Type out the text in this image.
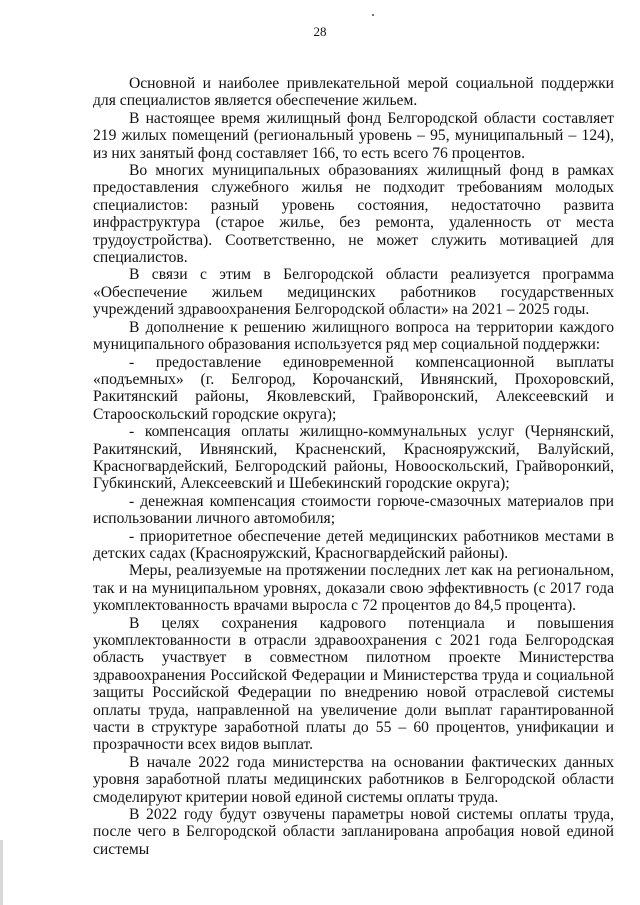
28

Основной и наиболее привлекательной мерой социальной поддержки для специалистов является обеспечение жильем.

В настоящее время жилищный фонд Белгородской области составляет 219 жилых помещений (региональный уровень – 95, муниципальный – 124), из них занятый фонд составляет 166, то есть всего 76 процентов.

Во многих муниципальных образованиях жилищный фонд в рамках предоставления служебного жилья не подходит требованиям молодых специалистов: разный уровень состояния, недостаточно развита инфраструктура (старое жилье, без ремонта, удаленность от места трудоустройства). Соответственно, не может служить мотивацией для специалистов.

В связи с этим в Белгородской области реализуется программа «Обеспечение жильем медицинских работников государственных учреждений здравоохранения Белгородской области» на 2021 – 2025 годы.

В дополнение к решению жилищного вопроса на территории каждого муниципального образования используется ряд мер социальной поддержки:

- предоставление единовременной компенсационной выплаты «подъемных» (г. Белгород, Корочанский, Ивнянский, Прохоровский, Ракитянский районы, Яковлевский, Грайворонский, Алексеевский и Старооскольский городские округа);

- компенсация оплаты жилищно-коммунальных услуг (Чернянский, Ракитянский, Ивнянский, Красненский, Краснояружский, Валуйский, Красногвардейский, Белгородский районы, Новооскольский, Грайворонкий, Губкинский, Алексеевский и Шебекинский городские округа);

- денежная компенсация стоимости горюче-смазочных материалов при использовании личного автомобиля;

- приоритетное обеспечение детей медицинских работников местами в детских садах (Краснояружский, Красногвардейский районы).

Меры, реализуемые на протяжении последних лет как на региональном, так и на муниципальном уровнях, доказали свою эффективность (с 2017 года укомплектованность врачами выросла с 72 процентов до 84,5 процента).

В целях сохранения кадрового потенциала и повышения укомплектованности в отрасли здравоохранения с 2021 года Белгородская область участвует в совместном пилотном проекте Министерства здравоохранения Российской Федерации и Министерства труда и социальной защиты Российской Федерации по внедрению новой отраслевой системы оплаты труда, направленной на увеличение доли выплат гарантированной части в структуре заработной платы до 55 – 60 процентов, унификации и прозрачности всех видов выплат.

В начале 2022 года министерства на основании фактических данных уровня заработной платы медицинских работников в Белгородской области смоделируют критерии новой единой системы оплаты труда.

В 2022 году будут озвучены параметры новой системы оплаты труда, после чего в Белгородской области запланирована апробация новой единой системы
